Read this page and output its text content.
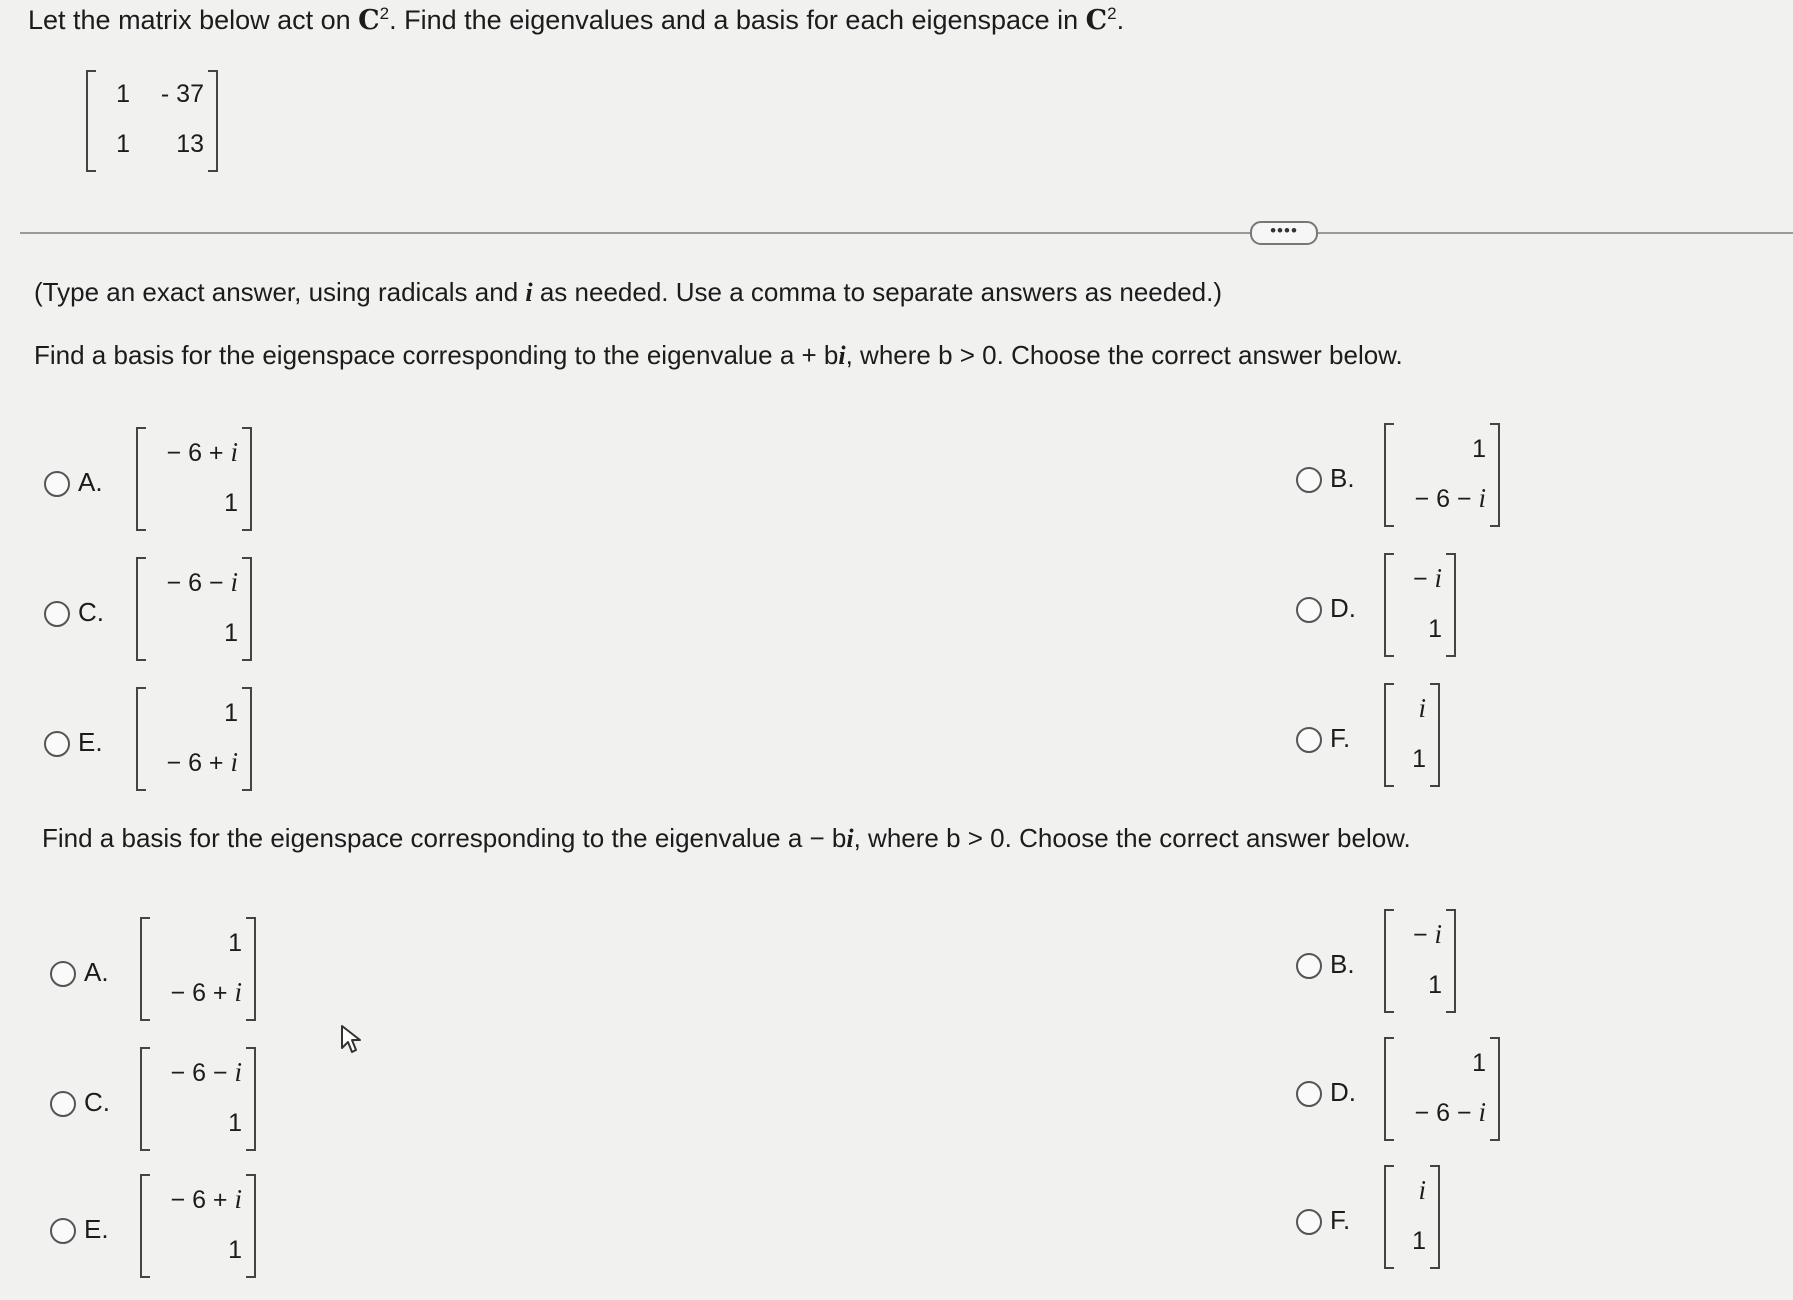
Let the matrix below act on $C^2$. Find the eigenvalues and a basis for each eigenspace in $C^2$.
1	- 37
1	13
••••
(Type an exact answer, using radicals and i as needed. Use a comma to separate answers as needed.)
Find a basis for the eigenspace corresponding to the eigenvalue a + bi, where b > 0. Choose the correct answer below.
A.
− 6 + i
1
B.
1
− 6 − i
C.
− 6 − i
1
D.
− i
1
E.
1
− 6 + i
F.
i
1
Find a basis for the eigenspace corresponding to the eigenvalue a − bi, where b > 0. Choose the correct answer below.
A.
1
− 6 + i
B.
− i
1
C.
− 6 − i
1
D.
1
− 6 − i
E.
− 6 + i
1
F.
i
1
